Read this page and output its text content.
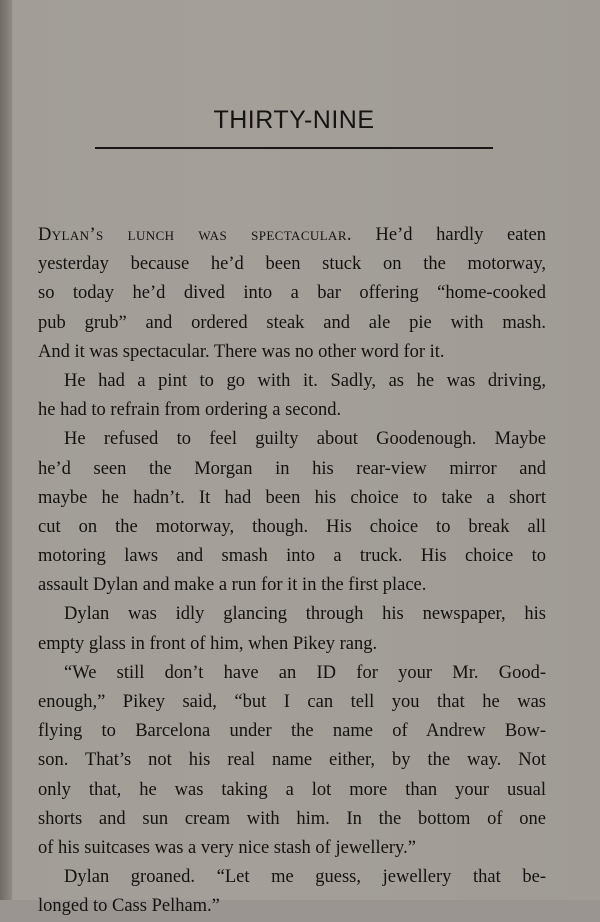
THIRTY-NINE
Dylan’s lunch was spectacular. He’d hardly eaten
yesterday because he’d been stuck on the motorway,
so today he’d dived into a bar offering “home-cooked
pub grub” and ordered steak and ale pie with mash.
And it was spectacular. There was no other word for it.
He had a pint to go with it. Sadly, as he was driving,
he had to refrain from ordering a second.
He refused to feel guilty about Goodenough. Maybe
he’d seen the Morgan in his rear-view mirror and
maybe he hadn’t. It had been his choice to take a short
cut on the motorway, though. His choice to break all
motoring laws and smash into a truck. His choice to
assault Dylan and make a run for it in the first place.
Dylan was idly glancing through his newspaper, his
empty glass in front of him, when Pikey rang.
“We still don’t have an ID for your Mr. Good-
enough,” Pikey said, “but I can tell you that he was
flying to Barcelona under the name of Andrew Bow-
son. That’s not his real name either, by the way. Not
only that, he was taking a lot more than your usual
shorts and sun cream with him. In the bottom of one
of his suitcases was a very nice stash of jewellery.”
Dylan groaned. “Let me guess, jewellery that be-
longed to Cass Pelham.”
